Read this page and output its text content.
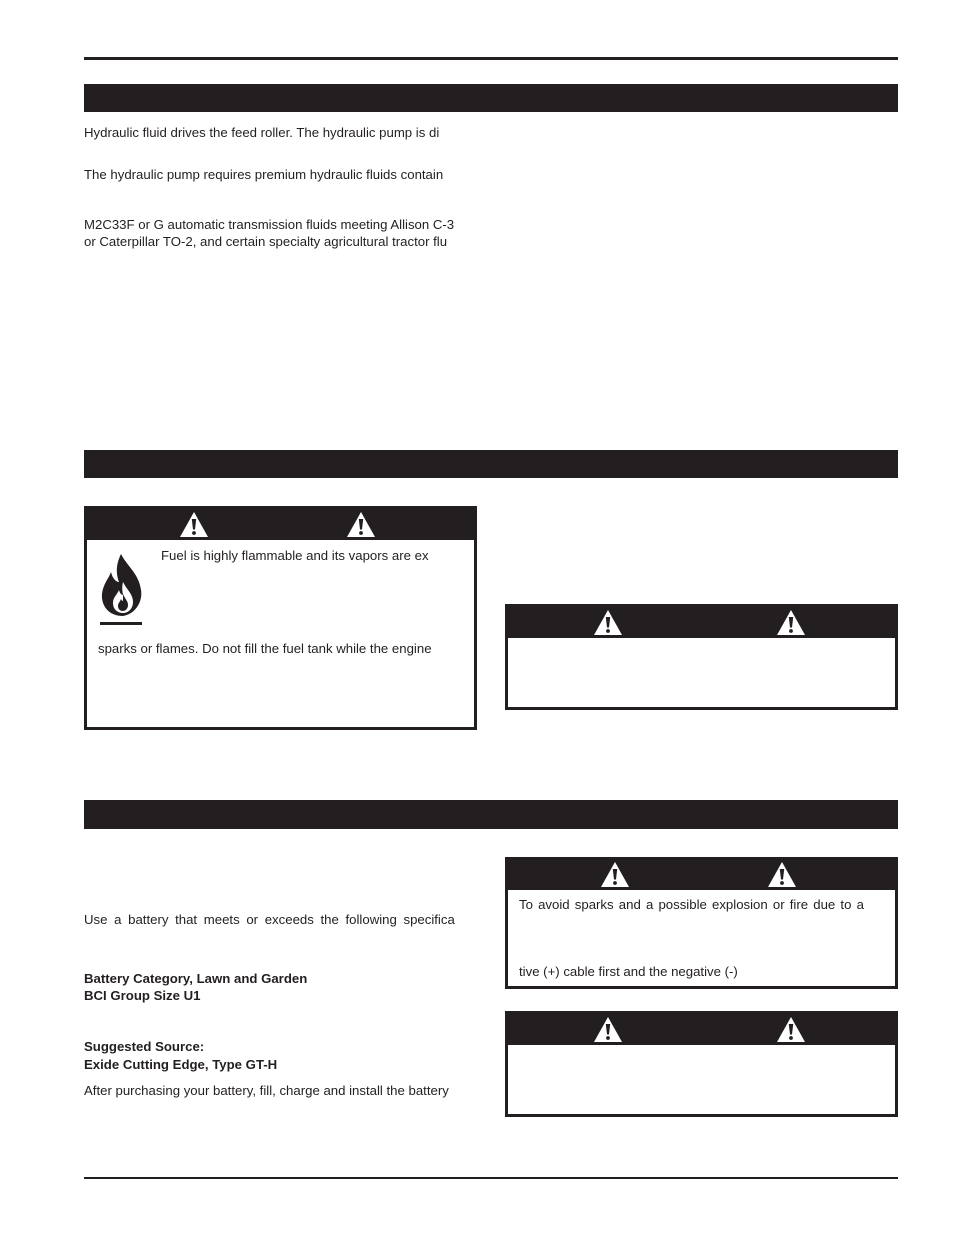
Hydraulic fluid drives the feed roller. The hydraulic pump is di
The hydraulic pump requires premium hydraulic fluids contain
M2C33F or G automatic transmission fluids meeting Allison C-3
or Caterpillar TO-2, and certain specialty agricultural tractor flu
Fuel is highly flammable and its vapors are ex
sparks or flames. Do not fill the fuel tank while the engine
Use a battery that meets or exceeds the following specifica
Battery Category, Lawn and Garden
BCI Group Size U1
Suggested Source:
Exide Cutting Edge, Type GT-H
After purchasing your battery, fill, charge and install the battery
To avoid sparks and a possible explosion or fire due to a
tive (+) cable first and the negative (-)
